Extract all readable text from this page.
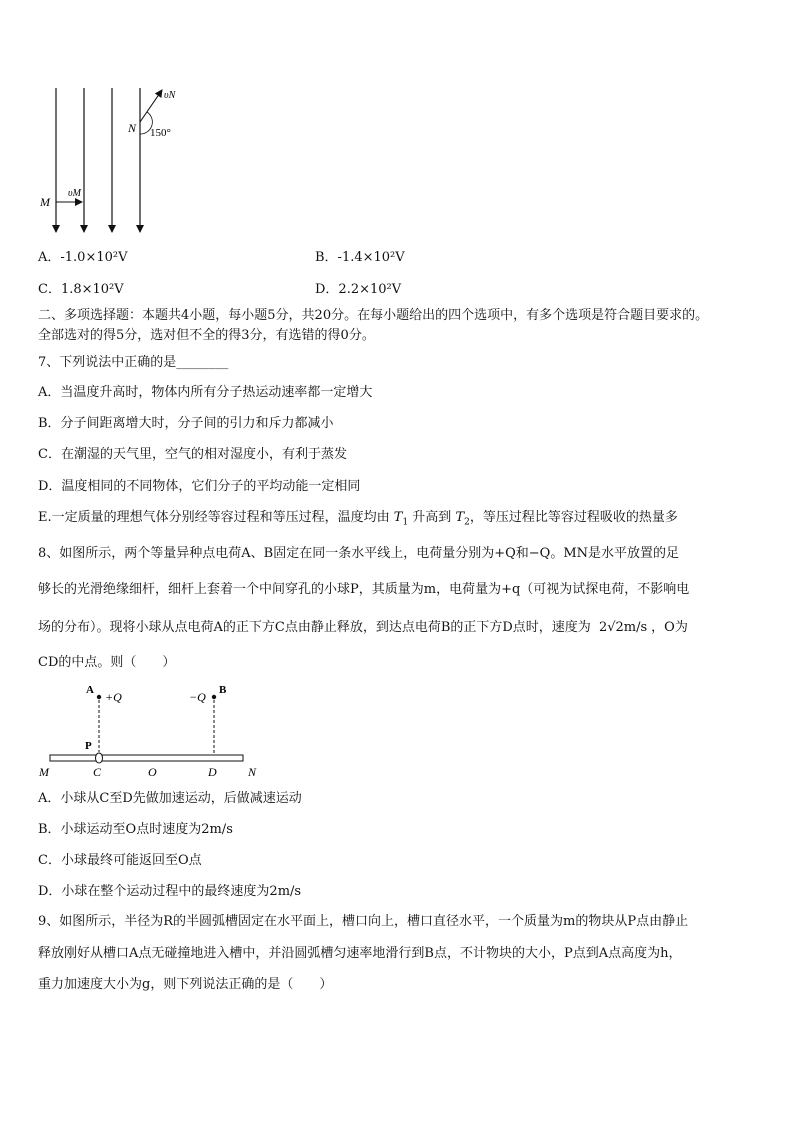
υN
N 150°
υM
M
A．-1.0×10²V	B．-1.4×10²V
C．1.8×10²V	D．2.2×10²V
二、多项选择题：本题共4小题，每小题5分，共20分。在每小题给出的四个选项中，有多个选项是符合题目要求的。
全部选对的得5分，选对但不全的得3分，有选错的得0分。
7、下列说法中正确的是________
A．当温度升高时，物体内所有分子热运动速率都一定增大
B．分子间距离增大时，分子间的引力和斥力都减小
C．在潮湿的天气里，空气的相对湿度小，有利于蒸发
D．温度相同的不同物体，它们分子的平均动能一定相同
E.一定质量的理想气体分别经等容过程和等压过程，温度均由 $T_1$ 升高到 $T_2$，等压过程比等容过程吸收的热量多
8、如图所示，两个等量异种点电荷A、B固定在同一条水平线上，电荷量分别为+Q和−Q。MN是水平放置的足
够长的光滑绝缘细杆，细杆上套着一个中间穿孔的小球P，其质量为m，电荷量为+q（可视为试探电荷，不影响电
场的分布）。现将小球从点电荷A的正下方C点由静止释放，到达点电荷B的正下方D点时，速度为 2√2m/s ，O为
CD的中点。则（　　）
A +Q	−Q B
P
M	C	O	D	N
A．小球从C至D先做加速运动，后做减速运动
B．小球运动至O点时速度为2m/s
C．小球最终可能返回至O点
D．小球在整个运动过程中的最终速度为2m/s
9、如图所示，半径为R的半圆弧槽固定在水平面上，槽口向上，槽口直径水平，一个质量为m的物块从P点由静止
释放刚好从槽口A点无碰撞地进入槽中，并沿圆弧槽匀速率地滑行到B点，不计物块的大小，P点到A点高度为h，
重力加速度大小为g，则下列说法正确的是（　　）
